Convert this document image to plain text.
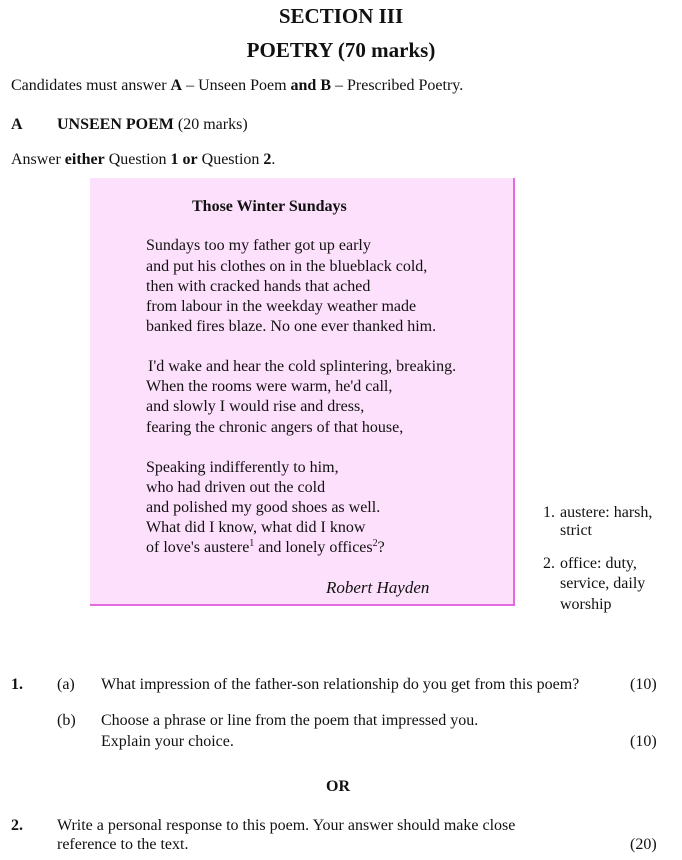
SECTION III
POETRY (70 marks)
Candidates must answer A – Unseen Poem and B – Prescribed Poetry.
A UNSEEN POEM (20 marks)
Answer either Question 1 or Question 2.
Those Winter Sundays
Sundays too my father got up early
and put his clothes on in the blueblack cold,
then with cracked hands that ached
from labour in the weekday weather made
banked fires blaze. No one ever thanked him.
I'd wake and hear the cold splintering, breaking.
When the rooms were warm, he'd call,
and slowly I would rise and dress,
fearing the chronic angers of that house,
Speaking indifferently to him,
who had driven out the cold
and polished my good shoes as well.
What did I know, what did I know
of love's austere$^1$ and lonely offices$^2$?
Robert Hayden
1. austere: harsh,
strict
2. office: duty,
service, daily
worship
1. (a) What impression of the father-son relationship do you get from this poem?	(10)
(b) Choose a phrase or line from the poem that impressed you.
Explain your choice.	(10)
OR
2. Write a personal response to this poem. Your answer should make close
reference to the text.	(20)
